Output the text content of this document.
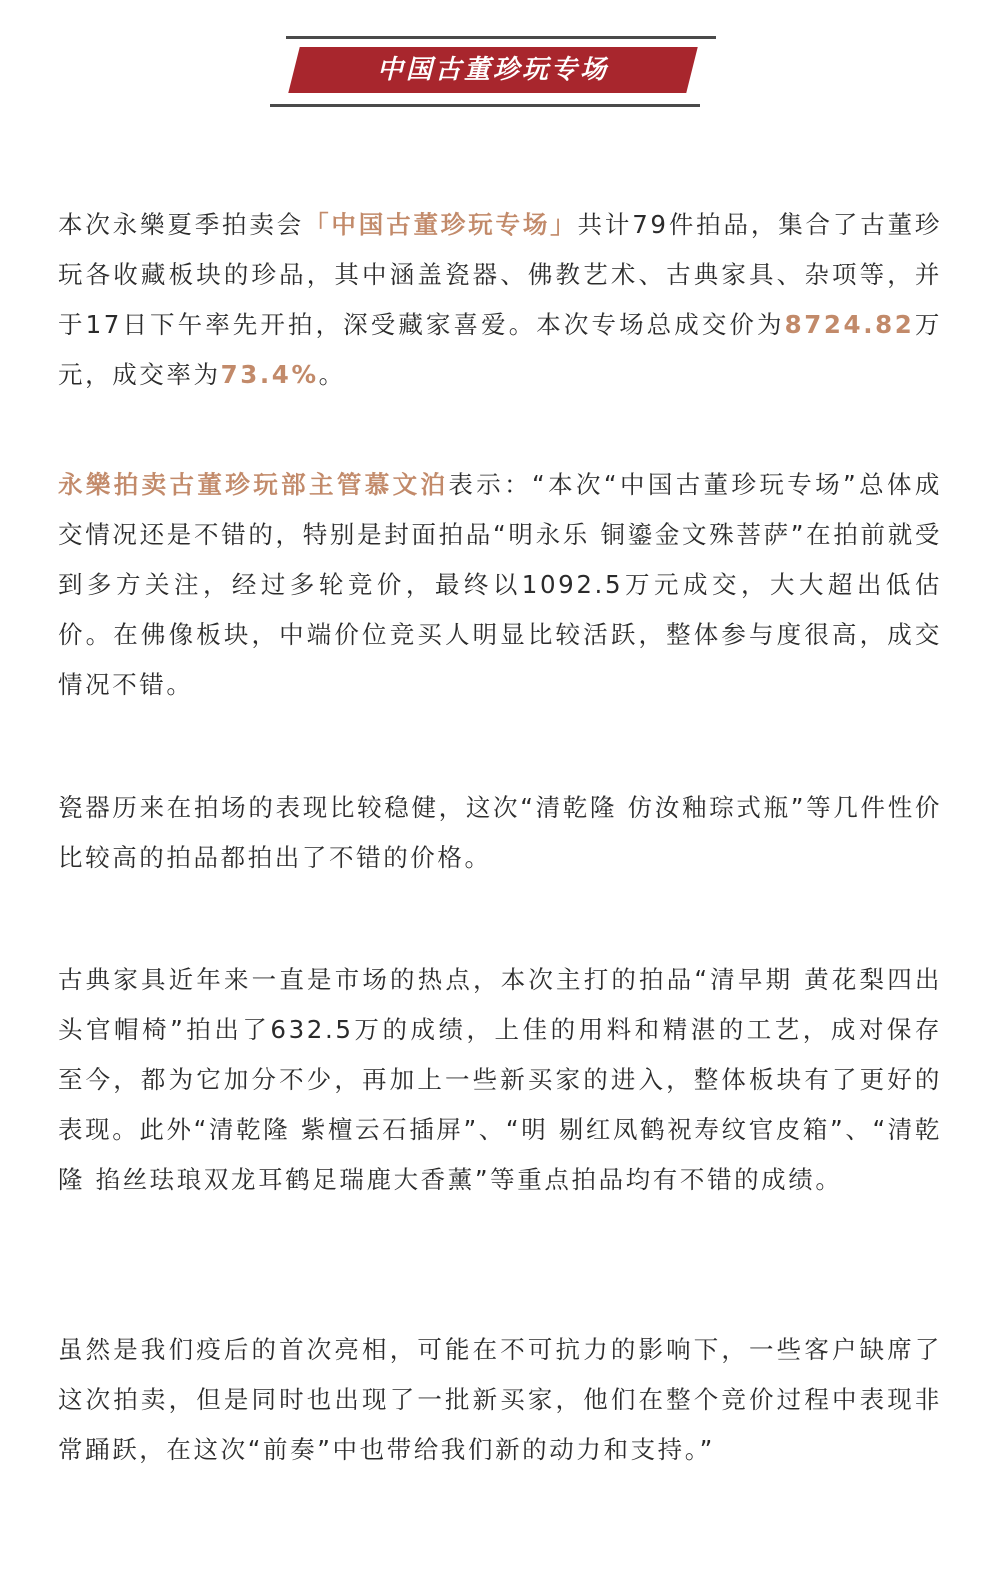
中国古董珍玩专场

本次永樂夏季拍卖会「中国古董珍玩专场」共计79件拍品，集合了古董珍玩各收藏板块的珍品，其中涵盖瓷器、佛教艺术、古典家具、杂项等，并于17日下午率先开拍，深受藏家喜爱。本次专场总成交价为8724.82万元，成交率为73.4%。

永樂拍卖古董珍玩部主管慕文泊表示：“本次“中国古董珍玩专场”总体成交情况还是不错的，特别是封面拍品“明永乐 铜鎏金文殊菩萨”在拍前就受到多方关注，经过多轮竞价，最终以1092.5万元成交，大大超出低估价。在佛像板块，中端价位竞买人明显比较活跃，整体参与度很高，成交情况不错。

瓷器历来在拍场的表现比较稳健，这次“清乾隆 仿汝釉琮式瓶”等几件性价比较高的拍品都拍出了不错的价格。

古典家具近年来一直是市场的热点，本次主打的拍品“清早期 黄花梨四出头官帽椅”拍出了632.5万的成绩，上佳的用料和精湛的工艺，成对保存至今，都为它加分不少，再加上一些新买家的进入，整体板块有了更好的表现。此外“清乾隆 紫檀云石插屏”、“明 剔红凤鹤祝寿纹官皮箱”、“清乾隆 掐丝珐琅双龙耳鹤足瑞鹿大香薰”等重点拍品均有不错的成绩。

虽然是我们疫后的首次亮相，可能在不可抗力的影响下，一些客户缺席了这次拍卖，但是同时也出现了一批新买家，他们在整个竞价过程中表现非常踊跃，在这次“前奏”中也带给我们新的动力和支持。”
